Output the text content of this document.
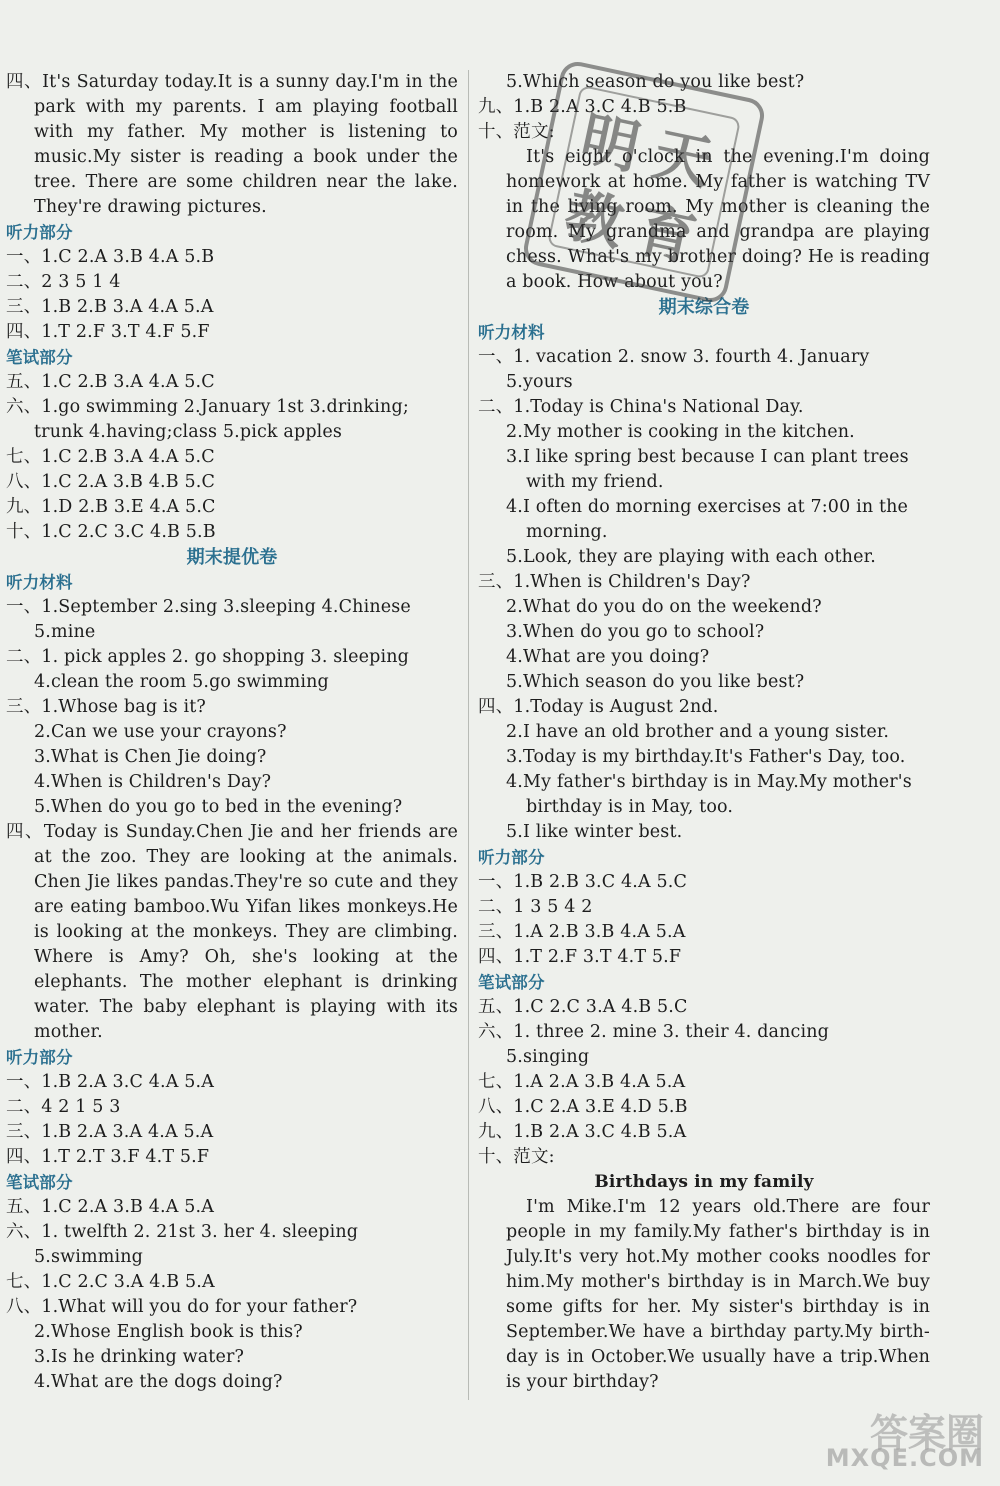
四、It's Saturday today.It is a sunny day.I'm in the
park with my parents. I am playing football
with my father. My mother is listening to
music.My sister is reading a book under the
tree. There are some children near the lake.
They're drawing pictures.
听力部分
一、1.C 2.A 3.B 4.A 5.B
二、2 3 5 1 4
三、1.B 2.B 3.A 4.A 5.A
四、1.T 2.F 3.T 4.F 5.F
笔试部分
五、1.C 2.B 3.A 4.A 5.C
六、1.go swimming 2.January 1st 3.drinking;
trunk 4.having;class 5.pick apples
七、1.C 2.B 3.A 4.A 5.C
八、1.C 2.A 3.B 4.B 5.C
九、1.D 2.B 3.E 4.A 5.C
十、1.C 2.C 3.C 4.B 5.B
期末提优卷
听力材料
一、1.September 2.sing 3.sleeping 4.Chinese
5.mine
二、1. pick apples 2. go shopping 3. sleeping
4.clean the room 5.go swimming
三、1.Whose bag is it?
2.Can we use your crayons?
3.What is Chen Jie doing?
4.When is Children's Day?
5.When do you go to bed in the evening?
四、Today is Sunday.Chen Jie and her friends are
at the zoo. They are looking at the animals.
Chen Jie likes pandas.They're so cute and they
are eating bamboo.Wu Yifan likes monkeys.He
is looking at the monkeys. They are climbing.
Where is Amy? Oh, she's looking at the
elephants. The mother elephant is drinking
water. The baby elephant is playing with its
mother.
听力部分
一、1.B 2.A 3.C 4.A 5.A
二、4 2 1 5 3
三、1.B 2.A 3.A 4.A 5.A
四、1.T 2.T 3.F 4.T 5.F
笔试部分
五、1.C 2.A 3.B 4.A 5.A
六、1. twelfth 2. 21st 3. her 4. sleeping
5.swimming
七、1.C 2.C 3.A 4.B 5.A
八、1.What will you do for your father?
2.Whose English book is this?
3.Is he drinking water?
4.What are the dogs doing?
5.Which season do you like best?
九、1.B 2.A 3.C 4.B 5.B
十、范文:
It's eight o'clock in the evening.I'm doing
homework at home. My father is watching TV
in the living room. My mother is cleaning the
room. My grandma and grandpa are playing
chess. What's my brother doing? He is reading
a book. How about you?
期末综合卷
听力材料
一、1. vacation 2. snow 3. fourth 4. January
5.yours
二、1.Today is China's National Day.
2.My mother is cooking in the kitchen.
3.I like spring best because I can plant trees
with my friend.
4.I often do morning exercises at 7:00 in the
morning.
5.Look, they are playing with each other.
三、1.When is Children's Day?
2.What do you do on the weekend?
3.When do you go to school?
4.What are you doing?
5.Which season do you like best?
四、1.Today is August 2nd.
2.I have an old brother and a young sister.
3.Today is my birthday.It's Father's Day, too.
4.My father's birthday is in May.My mother's
birthday is in May, too.
5.I like winter best.
听力部分
一、1.B 2.B 3.C 4.A 5.C
二、1 3 5 4 2
三、1.A 2.B 3.B 4.A 5.A
四、1.T 2.F 3.T 4.T 5.F
笔试部分
五、1.C 2.C 3.A 4.B 5.C
六、1. three 2. mine 3. their 4. dancing
5.singing
七、1.A 2.A 3.B 4.A 5.A
八、1.C 2.A 3.E 4.D 5.B
九、1.B 2.A 3.C 4.B 5.A
十、范文:
Birthdays in my family
I'm Mike.I'm 12 years old.There are four
people in my family.My father's birthday is in
July.It's very hot.My mother cooks noodles for
him.My mother's birthday is in March.We buy
some gifts for her. My sister's birthday is in
September.We have a birthday party.My birth-
day is in October.We usually have a trip.When
is your birthday?
明 天
教 育
答案圈
MXQE.COM
